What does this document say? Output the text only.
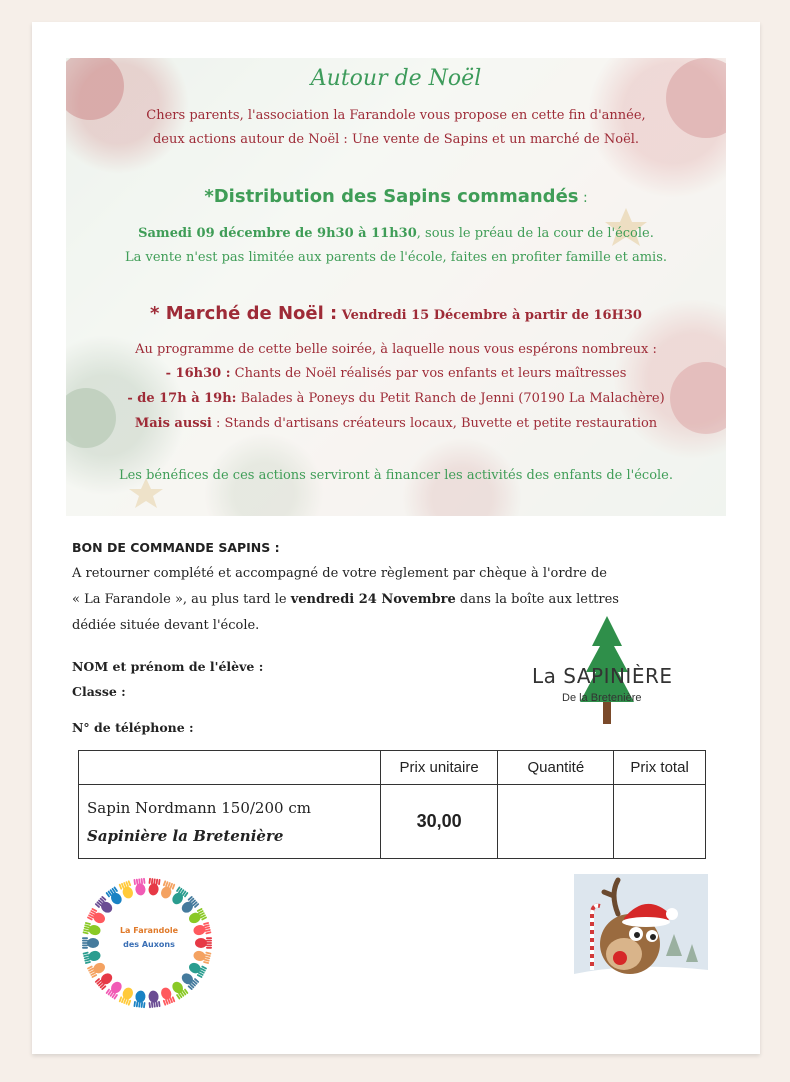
Autour de Noël
Chers parents, l'association la Farandole vous propose en cette fin d'année,
deux actions autour de Noël : Une vente de Sapins et un marché de Noël.
*Distribution des Sapins commandés :
Samedi 09 décembre de 9h30 à 11h30, sous le préau de la cour de l'école.
La vente n'est pas limitée aux parents de l'école, faites en profiter famille et amis.
* Marché de Noël : Vendredi 15 Décembre à partir de 16H30
Au programme de cette belle soirée, à laquelle nous vous espérons nombreux :
- 16h30 : Chants de Noël réalisés par vos enfants et leurs maîtresses
- de 17h à 19h: Balades à Poneys du Petit Ranch de Jenni (70190 La Malachère)
Mais aussi : Stands d'artisans créateurs locaux, Buvette et petite restauration
Les bénéfices de ces actions serviront à financer les activités des enfants de l'école.
BON DE COMMANDE SAPINS :
A retourner complété et accompagné de votre règlement par chèque à l'ordre de
« La Farandole », au plus tard le vendredi 24 Novembre dans la boîte aux lettres
dédiée située devant l'école.
NOM et prénom de l'élève :
Classe :
N° de téléphone :
La SAPINIÈRE
De la Bretenière
	Prix unitaire	Quantité	Prix total

Sapin Nordmann 150/200 cm
Sapinière la Bretenière	30,00		
La Farandole
des Auxons
